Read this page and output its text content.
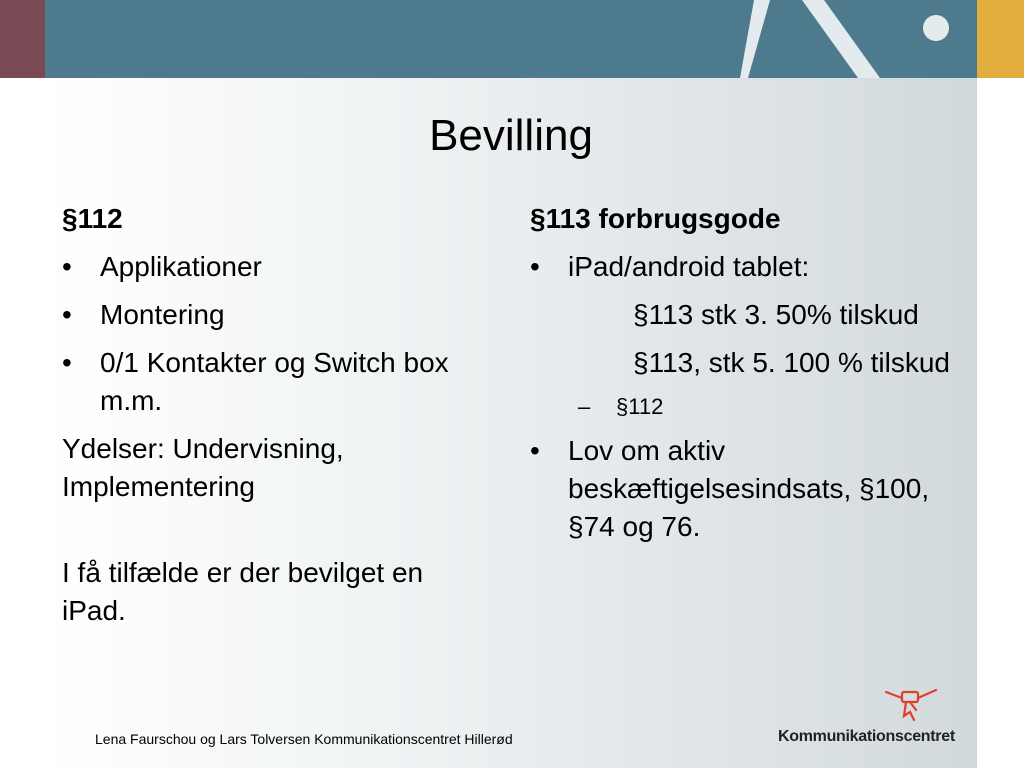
Bevilling
§112
• Applikationer
• Montering
• 0/1 Kontakter og Switch box m.m.
Ydelser: Undervisning, Implementering
I få tilfælde er der bevilget en iPad.
§113 forbrugsgode
• iPad/android tablet:
§113 stk 3. 50% tilskud
§113, stk 5. 100 % tilskud
– §112
• Lov om aktiv beskæftigelsesindsats, §100, §74 og 76.
Lena Faurschou og Lars Tolversen Kommunikationscentret Hillerød	Kommunikationscentret
